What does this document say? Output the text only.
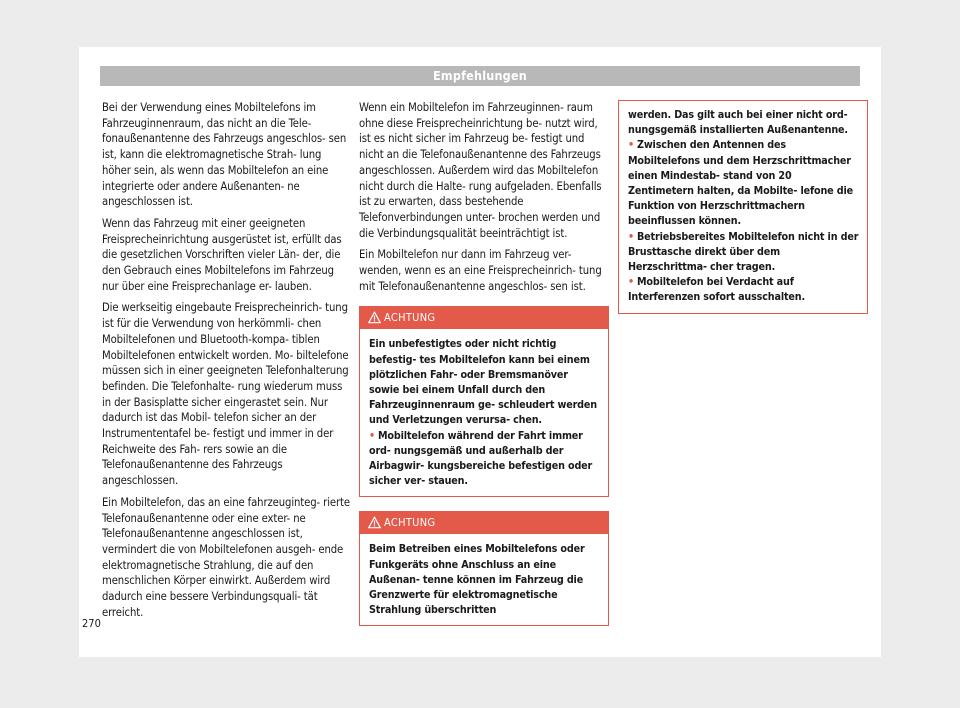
Empfehlungen

Bei der Verwendung eines Mobiltelefons im Fahrzeuginnenraum, das nicht an die Tele- fonaußenantenne des Fahrzeugs angeschlos- sen ist, kann die elektromagnetische Strah- lung höher sein, als wenn das Mobiltelefon an eine integrierte oder andere Außenanten- ne angeschlossen ist.

Wenn das Fahrzeug mit einer geeigneten Freisprecheinrichtung ausgerüstet ist, erfüllt das die gesetzlichen Vorschriften vieler Län- der, die den Gebrauch eines Mobiltelefons im Fahrzeug nur über eine Freisprechanlage er- lauben.

Die werkseitig eingebaute Freisprecheinrich- tung ist für die Verwendung von herkömmli- chen Mobiltelefonen und Bluetooth-kompa- tiblen Mobiltelefonen entwickelt worden. Mo- biltelefone müssen sich in einer geeigneten Telefonhalterung befinden. Die Telefonhalte- rung wiederum muss in der Basisplatte sicher eingerastet sein. Nur dadurch ist das Mobil- telefon sicher an der Instrumententafel be- festigt und immer in der Reichweite des Fah- rers sowie an die Telefonaußenantenne des Fahrzeugs angeschlossen.

Ein Mobiltelefon, das an eine fahrzeuginteg- rierte Telefonaußenantenne oder eine exter- ne Telefonaußenantenne angeschlossen ist, vermindert die von Mobiltelefonen ausgeh- ende elektromagnetische Strahlung, die auf den menschlichen Körper einwirkt. Außerdem wird dadurch eine bessere Verbindungsquali- tät erreicht.

Wenn ein Mobiltelefon im Fahrzeuginnen- raum ohne diese Freisprecheinrichtung be- nutzt wird, ist es nicht sicher im Fahrzeug be- festigt und nicht an die Telefonaußenantenne des Fahrzeugs angeschlossen. Außerdem wird das Mobiltelefon nicht durch die Halte- rung aufgeladen. Ebenfalls ist zu erwarten, dass bestehende Telefonverbindungen unter- brochen werden und die Verbindungsqualität beeinträchtigt ist.

Ein Mobiltelefon nur dann im Fahrzeug ver- wenden, wenn es an eine Freisprecheinrich- tung mit Telefonaußenantenne angeschlos- sen ist.

ACHTUNG

Ein unbefestigtes oder nicht richtig befestig- tes Mobiltelefon kann bei einem plötzlichen Fahr- oder Bremsmanöver sowie bei einem Unfall durch den Fahrzeuginnenraum ge- schleudert werden und Verletzungen verursa- chen.

• Mobiltelefon während der Fahrt immer ord- nungsgemäß und außerhalb der Airbagwir- kungsbereiche befestigen oder sicher ver- stauen.
ACHTUNG

Beim Betreiben eines Mobiltelefons oder Funkgeräts ohne Anschluss an eine Außenan- tenne können im Fahrzeug die Grenzwerte für elektromagnetische Strahlung überschritten

werden. Das gilt auch bei einer nicht ord- nungsgemäß installierten Außenantenne.

• Zwischen den Antennen des Mobiltelefons und dem Herzschrittmacher einen Mindestab- stand von 20 Zentimetern halten, da Mobilte- lefone die Funktion von Herzschrittmachern beeinflussen können.
• Betriebsbereites Mobiltelefon nicht in der Brusttasche direkt über dem Herzschrittma- cher tragen.
• Mobiltelefon bei Verdacht auf Interferenzen sofort ausschalten.
270
